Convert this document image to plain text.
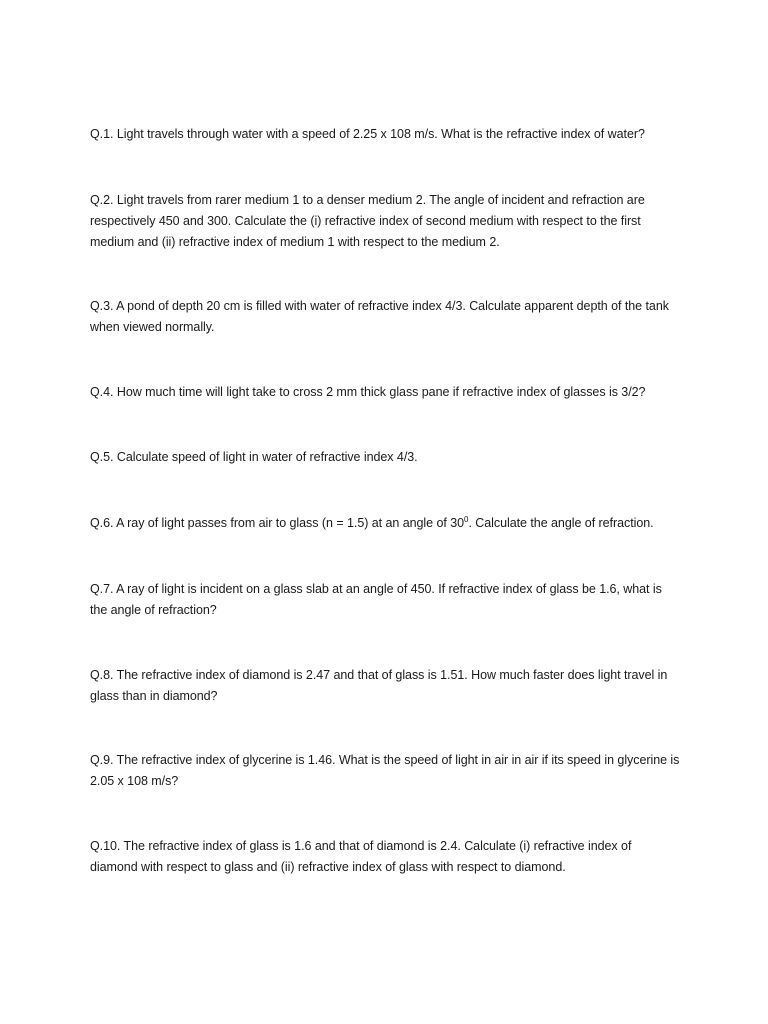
Q.1. Light travels through water with a speed of 2.25 x 108 m/s. What is the refractive index of water?

Q.2. Light travels from rarer medium 1 to a denser medium 2. The angle of incident and refraction are respectively 450 and 300. Calculate the (i) refractive index of second medium with respect to the first medium and (ii) refractive index of medium 1 with respect to the medium 2.

Q.3. A pond of depth 20 cm is filled with water of refractive index 4/3. Calculate apparent depth of the tank when viewed normally.

Q.4. How much time will light take to cross 2 mm thick glass pane if refractive index of glasses is 3/2?

Q.5. Calculate speed of light in water of refractive index 4/3.

Q.6. A ray of light passes from air to glass (n = 1.5) at an angle of $30^0$. Calculate the angle of refraction.

Q.7. A ray of light is incident on a glass slab at an angle of 450. If refractive index of glass be 1.6, what is the angle of refraction?

Q.8. The refractive index of diamond is 2.47 and that of glass is 1.51. How much faster does light travel in glass than in diamond?

Q.9. The refractive index of glycerine is 1.46. What is the speed of light in air in air if its speed in glycerine is 2.05 x 108 m/s?

Q.10. The refractive index of glass is 1.6 and that of diamond is 2.4. Calculate (i) refractive index of diamond with respect to glass and (ii) refractive index of glass with respect to diamond.
